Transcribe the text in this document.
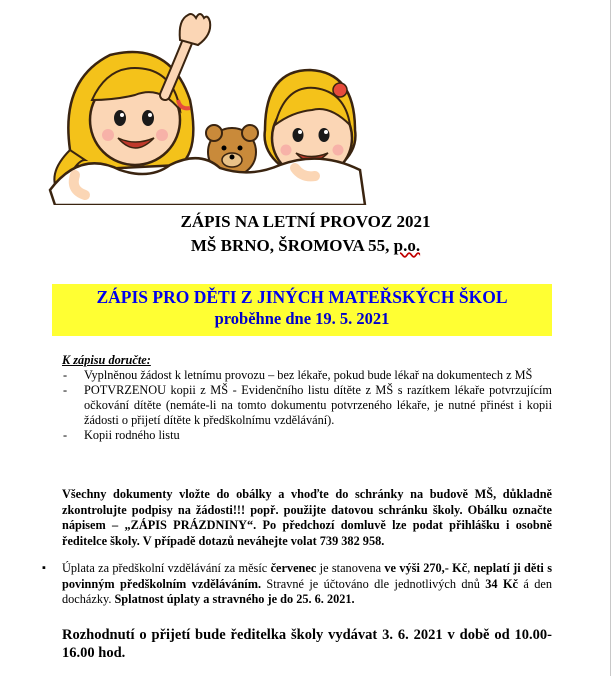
ZÁPIS NA LETNÍ PROVOZ 2021
MŠ BRNO, ŠROMOVA 55, p.o.
ZÁPIS PRO DĚTI Z JINÝCH MATEŘSKÝCH ŠKOL
proběhne dne 19. 5. 2021
K zápisu doručte:
- Vyplněnou žádost k letnímu provozu – bez lékaře, pokud bude lékař na dokumentech z MŠ
- POTVRZENOU kopii z MŠ - Evidenčního listu dítěte z MŠ s razítkem lékaře potvrzujícím očkování dítěte (nemáte-li na tomto dokumentu potvrzeného lékaře, je nutné přinést i kopii žádosti o přijetí dítěte k předškolnímu vzdělávání).
- Kopii rodného listu
Všechny dokumenty vložte do obálky a vhoďte do schránky na budově MŠ, důkladně zkontrolujte podpisy na žádosti!!! popř. použijte datovou schránku školy. Obálku označte nápisem – „ZÁPIS PRÁZDNINY“. Po předchozí domluvě lze podat přihlášku i osobně ředitelce školy. V případě dotazů neváhejte volat 739 382 958.
▪ Úplata za předškolní vzdělávání za měsíc červenec je stanovena ve výši 270,- Kč, neplatí ji děti s povinným předškolním vzděláváním. Stravné je účtováno dle jednotlivých dnů 34 Kč á den docházky. Splatnost úplaty a stravného je do 25. 6. 2021.
Rozhodnutí o přijetí bude ředitelka školy vydávat 3. 6. 2021 v době od 10.00-16.00 hod.
